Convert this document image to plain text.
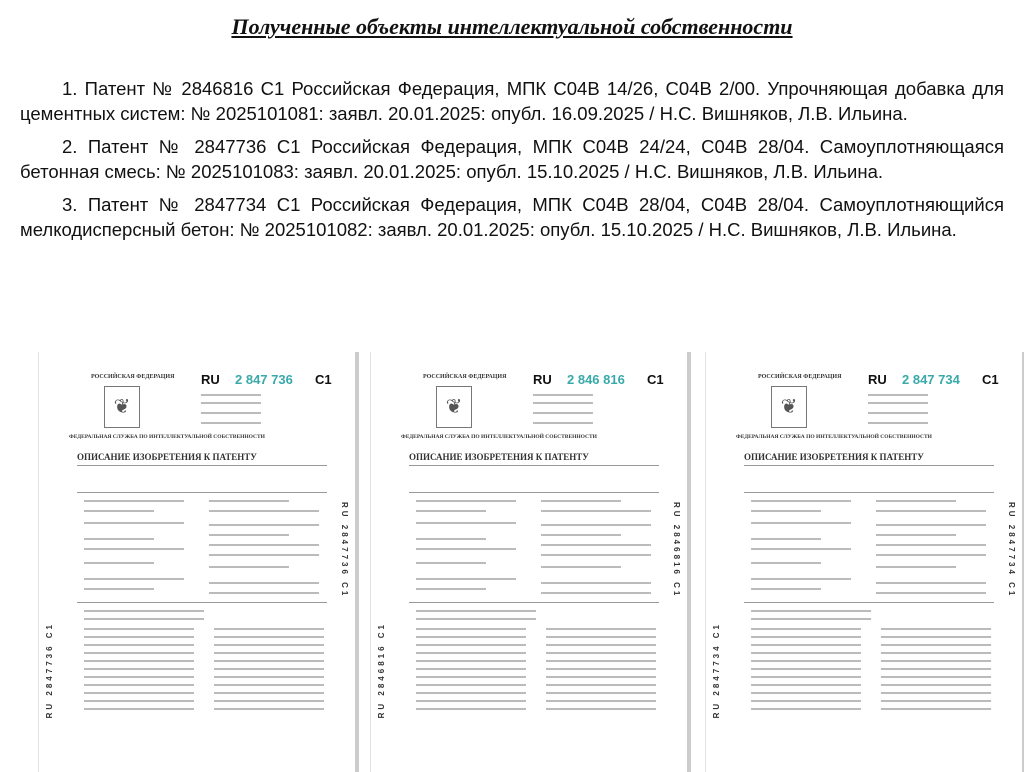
Полученные объекты интеллектуальной собственности

1. Патент № 2846816 С1 Российская Федерация, МПК С04В 14/26, С04В 2/00. Упрочняющая добавка для цементных систем: № 2025101081: заявл. 20.01.2025: опубл. 16.09.2025 / Н.С. Вишняков, Л.В. Ильина.

2. Патент № 2847736 С1 Российская Федерация, МПК С04В 24/24, С04В 28/04. Самоуплотняющаяся бетонная смесь: № 2025101083: заявл. 20.01.2025: опубл. 15.10.2025 / Н.С. Вишняков, Л.В. Ильина.

3. Патент № 2847734 С1 Российская Федерация, МПК С04В 28/04, С04В 28/04. Самоуплотняющийся мелкодисперсный бетон: № 2025101082: заявл. 20.01.2025: опубл. 15.10.2025 / Н.С. Вишняков, Л.В. Ильина.

РОССИЙСКАЯ ФЕДЕРАЦИЯ
❦
RU 2 847 736 C1
ФЕДЕРАЛЬНАЯ СЛУЖБА ПО ИНТЕЛЛЕКТУАЛЬНОЙ СОБСТВЕННОСТИ
ОПИСАНИЕ ИЗОБРЕТЕНИЯ К ПАТЕНТУ
RU 2847736 C1
RU 2847736 C1
РОССИЙСКАЯ ФЕДЕРАЦИЯ
❦
RU 2 846 816 C1
ФЕДЕРАЛЬНАЯ СЛУЖБА ПО ИНТЕЛЛЕКТУАЛЬНОЙ СОБСТВЕННОСТИ
ОПИСАНИЕ ИЗОБРЕТЕНИЯ К ПАТЕНТУ
RU 2846816 C1
RU 2846816 C1
РОССИЙСКАЯ ФЕДЕРАЦИЯ
❦
RU 2 847 734 C1
ФЕДЕРАЛЬНАЯ СЛУЖБА ПО ИНТЕЛЛЕКТУАЛЬНОЙ СОБСТВЕННОСТИ
ОПИСАНИЕ ИЗОБРЕТЕНИЯ К ПАТЕНТУ
RU 2847734 C1
RU 2847734 C1
